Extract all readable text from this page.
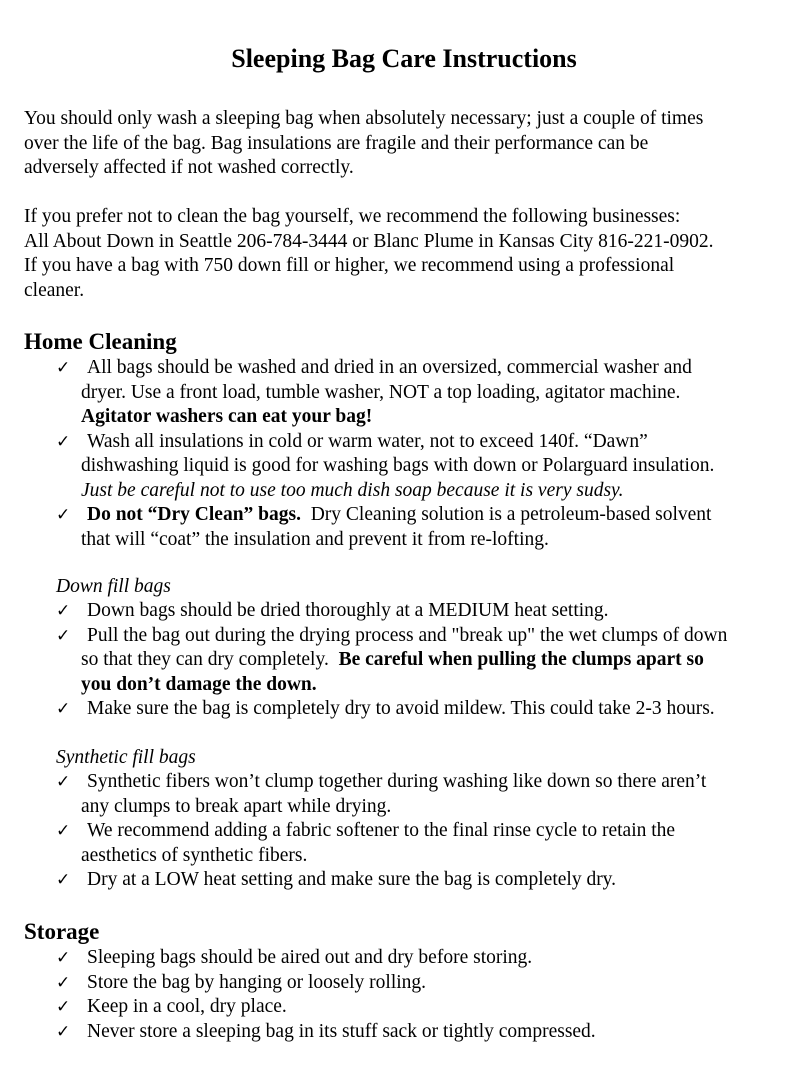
Sleeping Bag Care Instructions

You should only wash a sleeping bag when absolutely necessary; just a couple of times
over the life of the bag. Bag insulations are fragile and their performance can be
adversely affected if not washed correctly.

If you prefer not to clean the bag yourself, we recommend the following businesses:
All About Down in Seattle 206-784-3444 or Blanc Plume in Kansas City 816-221-0902.
If you have a bag with 750 down fill or higher, we recommend using a professional
cleaner.

Home Cleaning
✓ All bags should be washed and dried in an oversized, commercial washer and
dryer. Use a front load, tumble washer, NOT a top loading, agitator machine.
Agitator washers can eat your bag!
✓ Wash all insulations in cold or warm water, not to exceed 140f. “Dawn”
dishwashing liquid is good for washing bags with down or Polarguard insulation.
Just be careful not to use too much dish soap because it is very sudsy.
✓ Do not “Dry Clean” bags.  Dry Cleaning solution is a petroleum-based solvent
that will “coat” the insulation and prevent it from re-lofting.
Down fill bags
✓ Down bags should be dried thoroughly at a MEDIUM heat setting.
✓ Pull the bag out during the drying process and "break up" the wet clumps of down
so that they can dry completely.  Be careful when pulling the clumps apart so
you don’t damage the down.
✓ Make sure the bag is completely dry to avoid mildew. This could take 2-3 hours.
Synthetic fill bags
✓ Synthetic fibers won’t clump together during washing like down so there aren’t
any clumps to break apart while drying.
✓ We recommend adding a fabric softener to the final rinse cycle to retain the
aesthetics of synthetic fibers.
✓ Dry at a LOW heat setting and make sure the bag is completely dry.
Storage
✓ Sleeping bags should be aired out and dry before storing.
✓ Store the bag by hanging or loosely rolling.
✓ Keep in a cool, dry place.
✓ Never store a sleeping bag in its stuff sack or tightly compressed.
